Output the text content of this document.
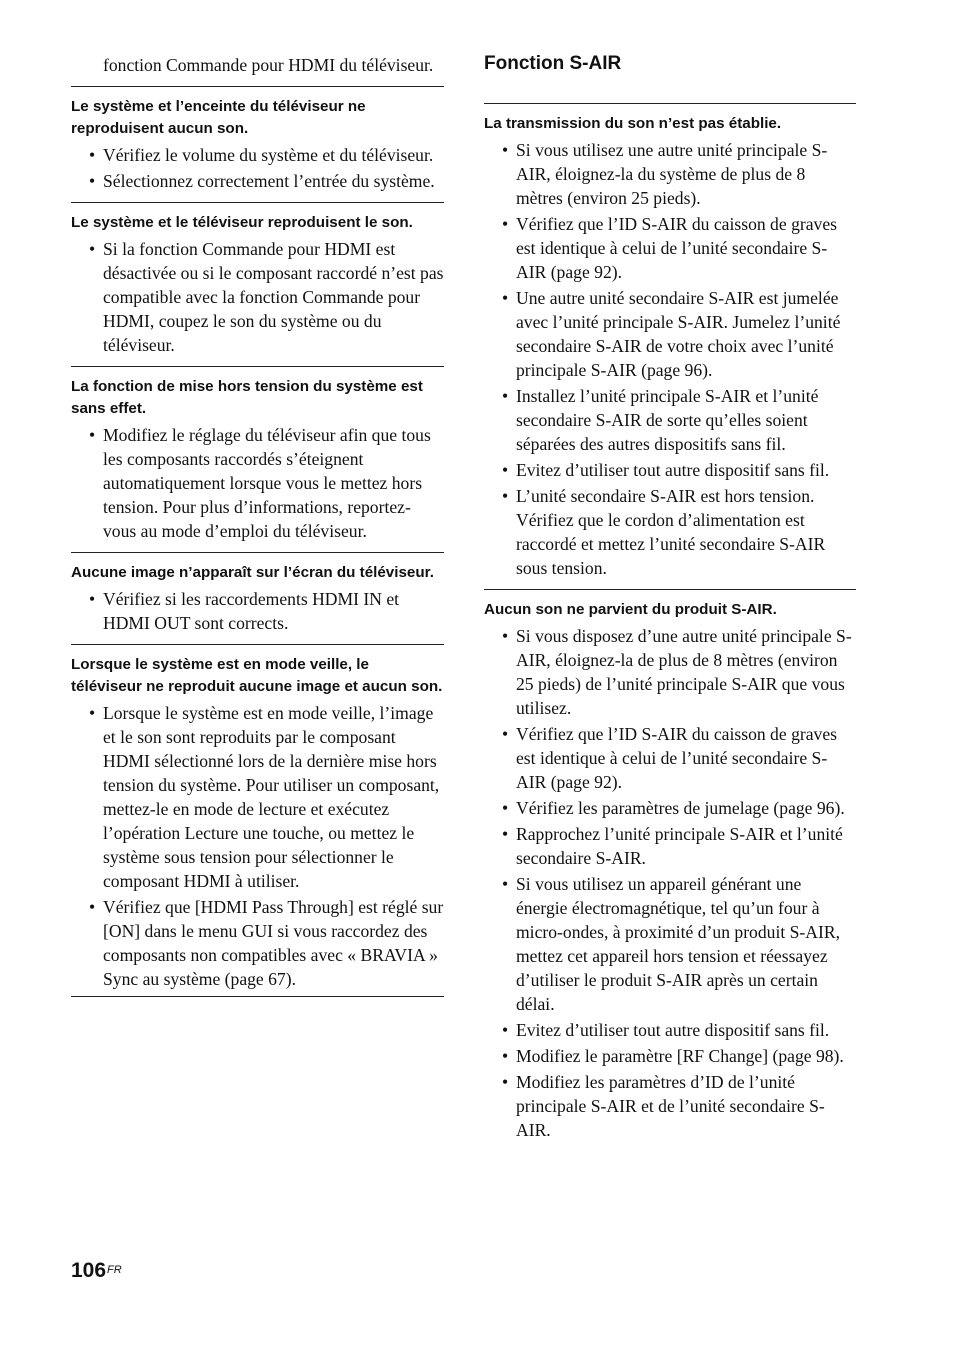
fonction Commande pour HDMI du téléviseur.

Le système et l’enceinte du téléviseur ne reproduisent aucun son.
• Vérifiez le volume du système et du téléviseur.
• Sélectionnez correctement l’entrée du système.
Le système et le téléviseur reproduisent le son.
• Si la fonction Commande pour HDMI est désactivée ou si le composant raccordé n’est pas compatible avec la fonction Commande pour HDMI, coupez le son du système ou du téléviseur.
La fonction de mise hors tension du système est sans effet.
• Modifiez le réglage du téléviseur afin que tous les composants raccordés s’éteignent automatiquement lorsque vous le mettez hors tension. Pour plus d’informations, reportez-vous au mode d’emploi du téléviseur.
Aucune image n’apparaît sur l’écran du téléviseur.
• Vérifiez si les raccordements HDMI IN et HDMI OUT sont corrects.
Lorsque le système est en mode veille, le téléviseur ne reproduit aucune image et aucun son.
• Lorsque le système est en mode veille, l’image et le son sont reproduits par le composant HDMI sélectionné lors de la dernière mise hors tension du système. Pour utiliser un composant, mettez-le en mode de lecture et exécutez l’opération Lecture une touche, ou mettez le système sous tension pour sélectionner le composant HDMI à utiliser.
• Vérifiez que [HDMI Pass Through] est réglé sur [ON] dans le menu GUI si vous raccordez des composants non compatibles avec « BRAVIA » Sync au système (page 67).
Fonction S-AIR
La transmission du son n’est pas établie.
• Si vous utilisez une autre unité principale S-AIR, éloignez-la du système de plus de 8 mètres (environ 25 pieds).
• Vérifiez que l’ID S-AIR du caisson de graves est identique à celui de l’unité secondaire S-AIR (page 92).
• Une autre unité secondaire S-AIR est jumelée avec l’unité principale S-AIR. Jumelez l’unité secondaire S-AIR de votre choix avec l’unité principale S-AIR (page 96).
• Installez l’unité principale S-AIR et l’unité secondaire S-AIR de sorte qu’elles soient séparées des autres dispositifs sans fil.
• Evitez d’utiliser tout autre dispositif sans fil.
• L’unité secondaire S-AIR est hors tension. Vérifiez que le cordon d’alimentation est raccordé et mettez l’unité secondaire S-AIR sous tension.
Aucun son ne parvient du produit S-AIR.
• Si vous disposez d’une autre unité principale S-AIR, éloignez-la de plus de 8 mètres (environ 25 pieds) de l’unité principale S-AIR que vous utilisez.
• Vérifiez que l’ID S-AIR du caisson de graves est identique à celui de l’unité secondaire S-AIR (page 92).
• Vérifiez les paramètres de jumelage (page 96).
• Rapprochez l’unité principale S-AIR et l’unité secondaire S-AIR.
• Si vous utilisez un appareil générant une énergie électromagnétique, tel qu’un four à micro-ondes, à proximité d’un produit S-AIR, mettez cet appareil hors tension et réessayez d’utiliser le produit S-AIR après un certain délai.
• Evitez d’utiliser tout autre dispositif sans fil.
• Modifiez le paramètre [RF Change] (page 98).
• Modifiez les paramètres d’ID de l’unité principale S-AIR et de l’unité secondaire S-AIR.
$106^{FR}$
